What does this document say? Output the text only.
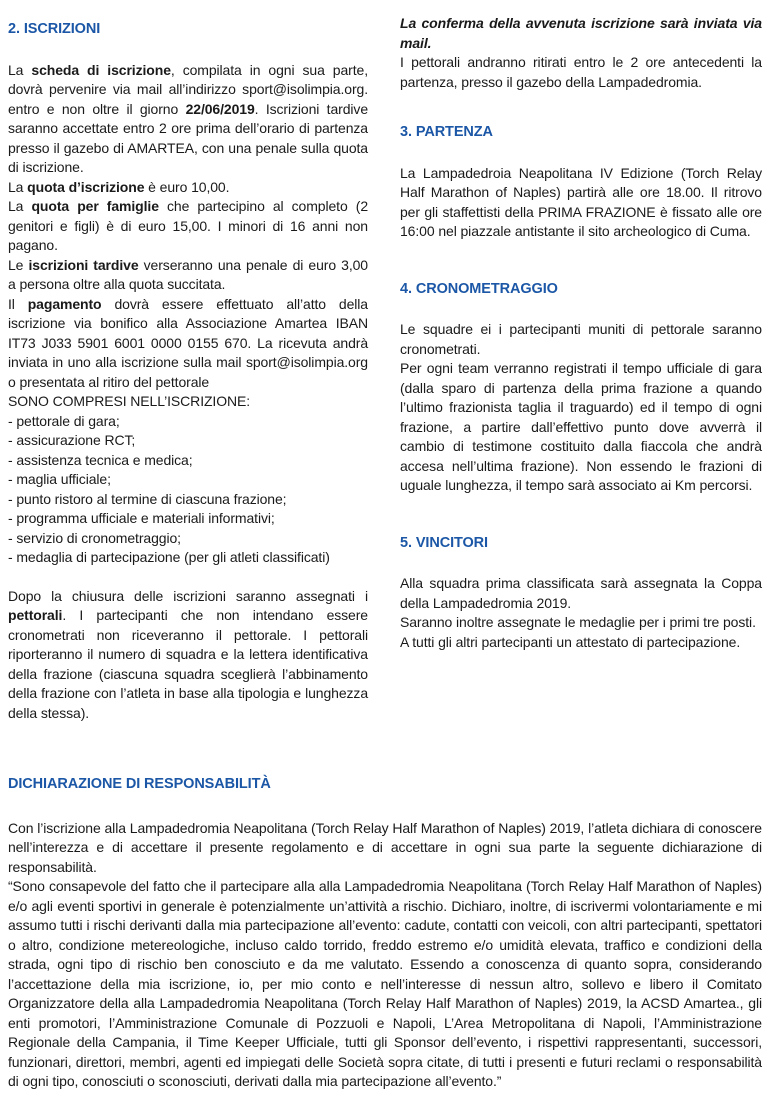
2. ISCRIZIONI

La scheda di iscrizione, compilata in ogni sua parte, dovrà pervenire via mail all’indirizzo sport@isolimpia.org. entro e non oltre il giorno 22/06/2019. Iscrizioni tardive saranno accettate entro 2 ore prima dell’orario di partenza presso il gazebo di AMARTEA, con una penale sulla quota di iscrizione.

La quota d’iscrizione è euro 10,00.

La quota per famiglie che partecipino al completo (2 genitori e figli) è di euro 15,00. I minori di 16 anni non pagano.

Le iscrizioni tardive verseranno una penale di euro 3,00 a persona oltre alla quota succitata.

Il pagamento dovrà essere effettuato all’atto della iscrizione via bonifico alla Associazione Amartea IBAN IT73 J033 5901 6001 0000 0155 670. La ricevuta andrà inviata in uno alla iscrizione sulla mail sport@isolimpia.org o presentata al ritiro del pettorale

SONO COMPRESI NELL’ISCRIZIONE:

- pettorale di gara;
- assicurazione RCT;
- assistenza tecnica e medica;
- maglia ufficiale;
- punto ristoro al termine di ciascuna frazione;
- programma ufficiale e materiali informativi;
- servizio di cronometraggio;
- medaglia di partecipazione (per gli atleti classificati)

Dopo la chiusura delle iscrizioni saranno assegnati i pettorali. I partecipanti che non intendano essere cronometrati non riceveranno il pettorale. I pettorali riporteranno il numero di squadra e la lettera identificativa della frazione (ciascuna squadra sceglierà l’abbinamento della frazione con l’atleta in base alla tipologia e lunghezza della stessa).

La conferma della avvenuta iscrizione sarà inviata via mail.

I pettorali andranno ritirati entro le 2 ore antecedenti la partenza, presso il gazebo della Lampadedromia.

3. PARTENZA

La Lampadedroia Neapolitana IV Edizione (Torch Relay Half Marathon of Naples) partirà alle ore 18.00. Il ritrovo per gli staffettisti della PRIMA FRAZIONE è fissato alle ore 16:00 nel piazzale antistante il sito archeologico di Cuma.

4. CRONOMETRAGGIO

Le squadre ei i partecipanti muniti di pettorale saranno cronometrati.

Per ogni team verranno registrati il tempo ufficiale di gara (dalla sparo di partenza della prima frazione a quando l’ultimo frazionista taglia il traguardo) ed il tempo di ogni frazione, a partire dall’effettivo punto dove avverrà il cambio di testimone costituito dalla fiaccola che andrà accesa nell’ultima frazione). Non essendo le frazioni di uguale lunghezza, il tempo sarà associato ai Km percorsi.

5. VINCITORI

Alla squadra prima classificata sarà assegnata la Coppa della Lampadedromia 2019.

Saranno inoltre assegnate le medaglie per i primi tre posti.

A tutti gli altri partecipanti un attestato di partecipazione.

DICHIARAZIONE DI RESPONSABILITÀ

Con l’iscrizione alla Lampadedromia Neapolitana (Torch Relay Half Marathon of Naples) 2019, l’atleta dichiara di conoscere nell’interezza e di accettare il presente regolamento e di accettare in ogni sua parte la seguente dichiarazione di responsabilità.

“Sono consapevole del fatto che il partecipare alla alla Lampadedromia Neapolitana (Torch Relay Half Marathon of Naples) e/o agli eventi sportivi in generale è potenzialmente un’attività a rischio. Dichiaro, inoltre, di iscrivermi volontariamente e mi assumo tutti i rischi derivanti dalla mia partecipazione all’evento: cadute, contatti con veicoli, con altri partecipanti, spettatori o altro, condizione metereologiche, incluso caldo torrido, freddo estremo e/o umidità elevata, traffico e condizioni della strada, ogni tipo di rischio ben conosciuto e da me valutato. Essendo a conoscenza di quanto sopra, considerando l’accettazione della mia iscrizione, io, per mio conto e nell’interesse di nessun altro, sollevo e libero il Comitato Organizzatore della alla Lampadedromia Neapolitana (Torch Relay Half Marathon of Naples) 2019, la ACSD Amartea., gli enti promotori, l’Amministrazione Comunale di Pozzuoli e Napoli, L’Area Metropolitana di Napoli, l’Amministrazione Regionale della Campania, il Time Keeper Ufficiale, tutti gli Sponsor dell’evento, i rispettivi rappresentanti, successori, funzionari, direttori, membri, agenti ed impiegati delle Società sopra citate, di tutti i presenti e futuri reclami o responsabilità di ogni tipo, conosciuti o sconosciuti, derivati dalla mia partecipazione all’evento.”
